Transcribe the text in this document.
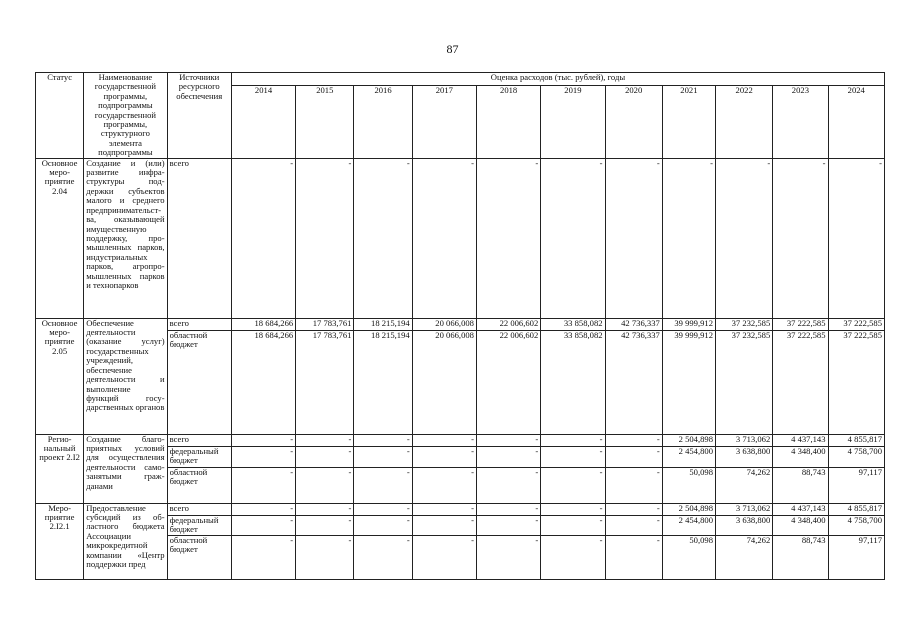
87
Статус	Наименование государственной программы, подпрограммы государственной программы, структурного элемента подпрограммы	Источники ресурсного обеспечения	Оценка расходов (тыс. рублей), годы										
			2014	2015	2016	2017	2018	2019	2020	2021	2022	2023	2024
Основное мероприятие 2.04	Создание и (или) развитие инфраструктуры поддержки субъектов малого и среднего предпринимательства, оказывающей имущественную поддержку, промышленных парков, индустриальных парков, агропромышленных парков и технопарков	всего	-	-	-	-	-	-	-	-	-	-	-
Основное мероприятие 2.05	Обеспечение деятельности (оказание услуг) государственных учреждений, обеспечение деятельности и выполнение функций государственных органов	всего	18 684,266	17 783,761	18 215,194	20 066,008	22 006,602	33 858,082	42 736,337	39 999,912	37 232,585	37 222,585	37 222,585
		областной бюджет	18 684,266	17 783,761	18 215,194	20 066,008	22 006,602	33 858,082	42 736,337	39 999,912	37 232,585	37 222,585	37 222,585
Региональный проект 2.I2	Создание благоприятных условий для осуществления деятельности самозанятыми гражданами	всего	-	-	-	-	-	-	-	2 504,898	3 713,062	4 437,143	4 855,817
		федеральный бюджет	-	-	-	-	-	-	-	2 454,800	3 638,800	4 348,400	4 758,700
		областной бюджет	-	-	-	-	-	-	-	50,098	74,262	88,743	97,117
Мероприятие 2.I2.1	Предоставление субсидий из областного бюджета Ассоциации микрокредитной компании «Центр поддержки пред	всего	-	-	-	-	-	-	-	2 504,898	3 713,062	4 437,143	4 855,817
		федеральный бюджет	-	-	-	-	-	-	-	2 454,800	3 638,800	4 348,400	4 758,700
		областной бюджет	-	-	-	-	-	-	-	50,098	74,262	88,743	97,117
